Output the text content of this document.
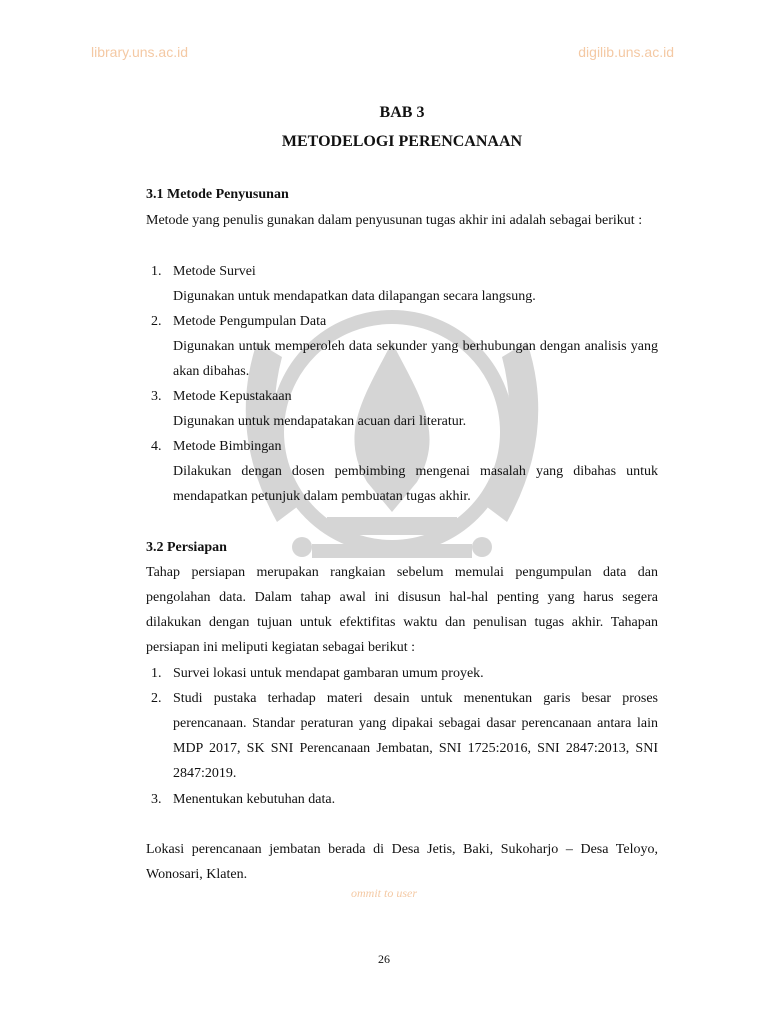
library.uns.ac.id	digilib.uns.ac.id
BAB 3
METODELOGI PERENCANAAN
3.1 Metode Penyusunan

Metode yang penulis gunakan dalam penyusunan tugas akhir ini adalah sebagai berikut :

1. Metode Survei
Digunakan untuk mendapatkan data dilapangan secara langsung.
2. Metode Pengumpulan Data
Digunakan untuk memperoleh data sekunder yang berhubungan dengan analisis yang akan dibahas.
3. Metode Kepustakaan
Digunakan untuk mendapatakan acuan dari literatur.
4. Metode Bimbingan
Dilakukan dengan dosen pembimbing mengenai masalah yang dibahas untuk mendapatkan petunjuk dalam pembuatan tugas akhir.
3.2 Persiapan

Tahap persiapan merupakan rangkaian sebelum memulai pengumpulan data dan pengolahan data. Dalam tahap awal ini disusun hal-hal penting yang harus segera dilakukan dengan tujuan untuk efektifitas waktu dan penulisan tugas akhir. Tahapan persiapan ini meliputi kegiatan sebagai berikut :

1. Survei lokasi untuk mendapat gambaran umum proyek.
2. Studi pustaka terhadap materi desain untuk menentukan garis besar proses perencanaan. Standar peraturan yang dipakai sebagai dasar perencanaan antara lain MDP 2017, SK SNI Perencanaan Jembatan, SNI 1725:2016, SNI 2847:2013, SNI 2847:2019.
3. Menentukan kebutuhan data.

Lokasi perencanaan jembatan berada di Desa Jetis, Baki, Sukoharjo – Desa Teloyo, Wonosari, Klaten.

ommit to user
26
